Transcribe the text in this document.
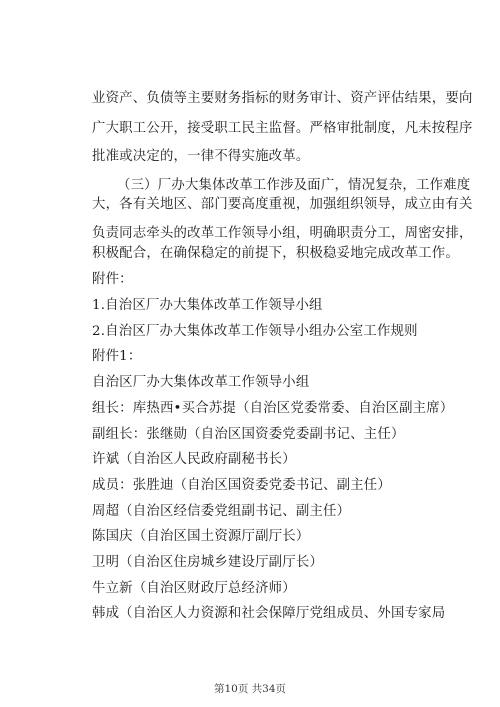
业资产、负债等主要财务指标的财务审计、资产评估结果，要向
广大职工公开，接受职工民主监督。严格审批制度，凡未按程序
批准或决定的，一律不得实施改革。
（三）厂办大集体改革工作涉及面广，情况复杂，工作难度
大，各有关地区、部门要高度重视，加强组织领导，成立由有关
负责同志牵头的改革工作领导小组，明确职责分工，周密安排，
积极配合，在确保稳定的前提下，积极稳妥地完成改革工作。
附件：
1.自治区厂办大集体改革工作领导小组
2.自治区厂办大集体改革工作领导小组办公室工作规则
附件1：
自治区厂办大集体改革工作领导小组
组长：库热西•买合苏提（自治区党委常委、自治区副主席）
副组长：张继勋（自治区国资委党委副书记、主任）
许斌（自治区人民政府副秘书长）
成员：张胜迪（自治区国资委党委书记、副主任）
周超（自治区经信委党组副书记、副主任）
陈国庆（自治区国土资源厅副厅长）
卫明（自治区住房城乡建设厅副厅长）
牛立新（自治区财政厅总经济师）
韩成（自治区人力资源和社会保障厅党组成员、外国专家局
第10页 共34页
